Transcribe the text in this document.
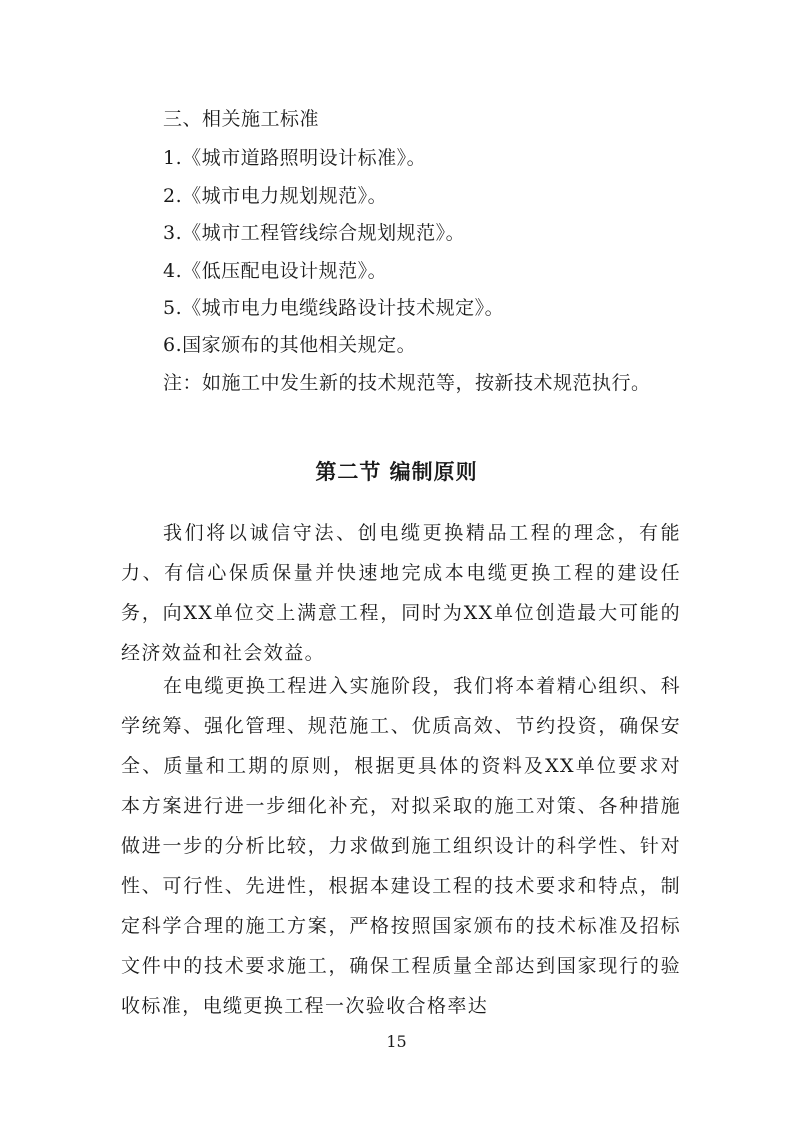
三、相关施工标准
1.《城市道路照明设计标准》。
2.《城市电力规划规范》。
3.《城市工程管线综合规划规范》。
4.《低压配电设计规范》。
5.《城市电力电缆线路设计技术规定》。
6.国家颁布的其他相关规定。
注：如施工中发生新的技术规范等，按新技术规范执行。
第二节 编制原则
我们将以诚信守法、创电缆更换精品工程的理念，有能力、有信心保质保量并快速地完成本电缆更换工程的建设任务，向XX单位交上满意工程，同时为XX单位创造最大可能的经济效益和社会效益。
在电缆更换工程进入实施阶段，我们将本着精心组织、科学统筹、强化管理、规范施工、优质高效、节约投资，确保安全、质量和工期的原则，根据更具体的资料及XX单位要求对本方案进行进一步细化补充，对拟采取的施工对策、各种措施做进一步的分析比较，力求做到施工组织设计的科学性、针对性、可行性、先进性，根据本建设工程的技术要求和特点，制定科学合理的施工方案，严格按照国家颁布的技术标准及招标文件中的技术要求施工，确保工程质量全部达到国家现行的验收标准，电缆更换工程一次验收合格率达
15
